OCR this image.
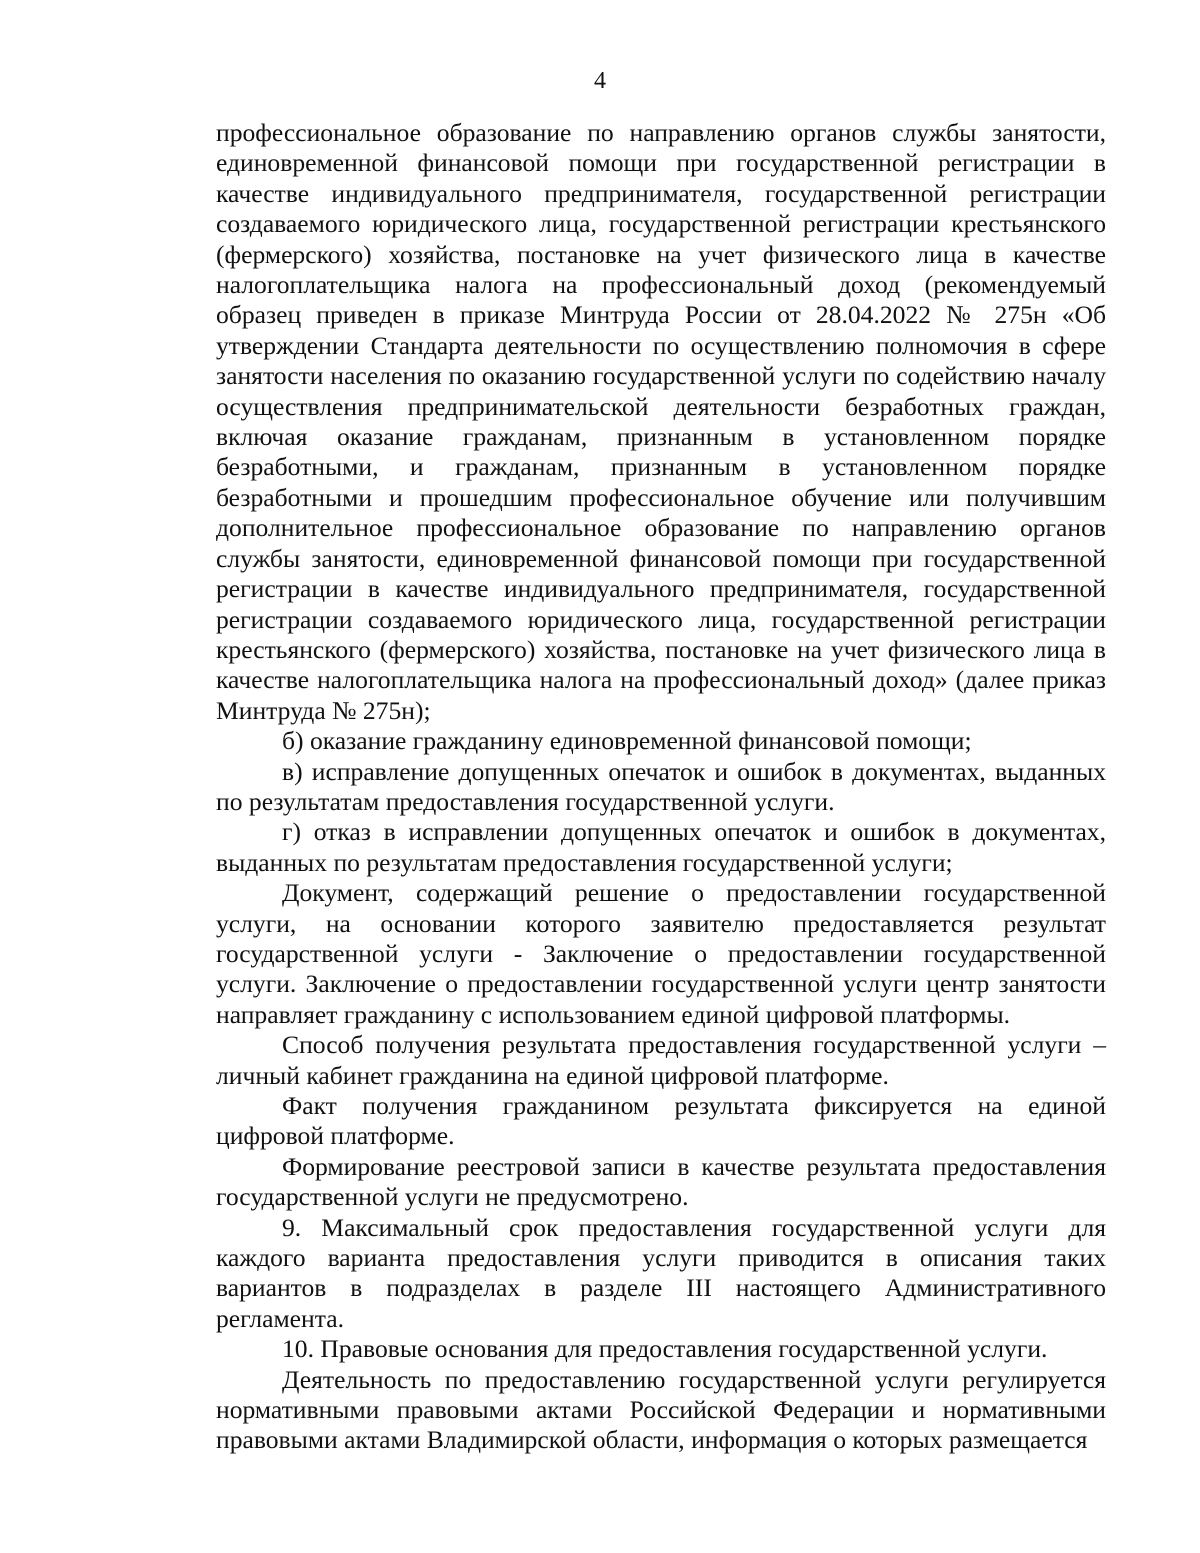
4

профессиональное образование по направлению органов службы занятости, единовременной финансовой помощи при государственной регистрации в качестве индивидуального предпринимателя, государственной регистрации создаваемого юридического лица, государственной регистрации крестьянского (фермерского) хозяйства, постановке на учет физического лица в качестве налогоплательщика налога на профессиональный доход (рекомендуемый образец приведен в приказе Минтруда России от 28.04.2022 № 275н «Об утверждении Стандарта деятельности по осуществлению полномочия в сфере занятости населения по оказанию государственной услуги по содействию началу осуществления предпринимательской деятельности безработных граждан, включая оказание гражданам, признанным в установленном порядке безработными, и гражданам, признанным в установленном порядке безработными и прошедшим профессиональное обучение или получившим дополнительное профессиональное образование по направлению органов службы занятости, единовременной финансовой помощи при государственной регистрации в качестве индивидуального предпринимателя, государственной регистрации создаваемого юридического лица, государственной регистрации крестьянского (фермерского) хозяйства, постановке на учет физического лица в качестве налогоплательщика налога на профессиональный доход» (далее приказ Минтруда № 275н);

б) оказание гражданину единовременной финансовой помощи;

в) исправление допущенных опечаток и ошибок в документах, выданных по результатам предоставления государственной услуги.

г) отказ в исправлении допущенных опечаток и ошибок в документах, выданных по результатам предоставления государственной услуги;

Документ, содержащий решение о предоставлении государственной услуги, на основании которого заявителю предоставляется результат государственной услуги - Заключение о предоставлении государственной услуги. Заключение о предоставлении государственной услуги центр занятости направляет гражданину с использованием единой цифровой платформы.

Способ получения результата предоставления государственной услуги – личный кабинет гражданина на единой цифровой платформе.

Факт получения гражданином результата фиксируется на единой цифровой платформе.

Формирование реестровой записи в качестве результата предоставления государственной услуги не предусмотрено.

9. Максимальный срок предоставления государственной услуги для каждого варианта предоставления услуги приводится в описания таких вариантов в подразделах в разделе III настоящего Административного регламента.

10. Правовые основания для предоставления государственной услуги.

Деятельность по предоставлению государственной услуги регулируется нормативными правовыми актами Российской Федерации и нормативными правовыми актами Владимирской области, информация о которых размещается
